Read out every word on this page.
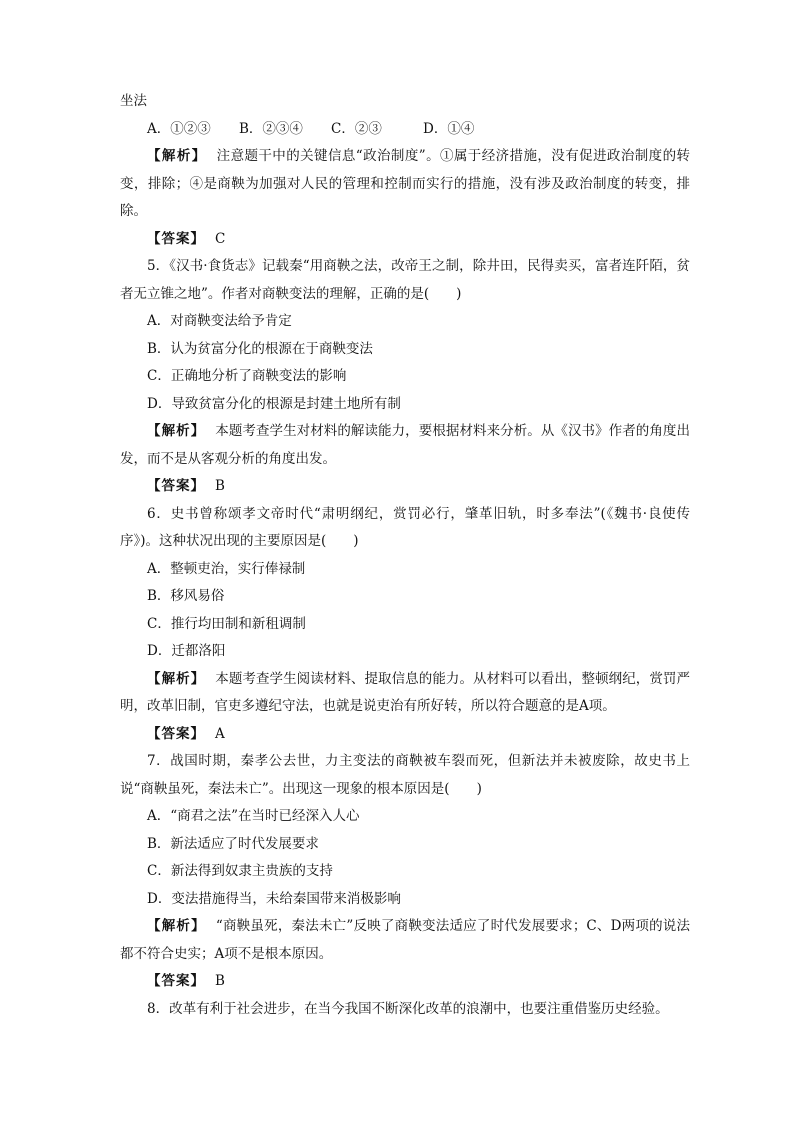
坐法
A．①②③ B．②③④ C．②③	D．①④
【解析】 注意题干中的关键信息“政治制度”。①属于经济措施，没有促进政治制度的转变，排除；④是商鞅为加强对人民的管理和控制而实行的措施，没有涉及政治制度的转变，排除。
【答案】 C
5．《汉书·食货志》记载秦“用商鞅之法，改帝王之制，除井田，民得卖买，富者连阡陌，贫者无立锥之地”。作者对商鞅变法的理解，正确的是(　　)
A．对商鞅变法给予肯定
B．认为贫富分化的根源在于商鞅变法
C．正确地分析了商鞅变法的影响
D．导致贫富分化的根源是封建土地所有制
【解析】 本题考查学生对材料的解读能力，要根据材料来分析。从《汉书》作者的角度出发，而不是从客观分析的角度出发。
【答案】 B
6．史书曾称颂孝文帝时代“肃明纲纪，赏罚必行，肇革旧轨，时多奉法”(《魏书·良使传序》)。这种状况出现的主要原因是(　　)
A．整顿吏治，实行俸禄制
B．移风易俗
C．推行均田制和新租调制
D．迁都洛阳
【解析】 本题考查学生阅读材料、提取信息的能力。从材料可以看出，整顿纲纪，赏罚严明，改革旧制，官吏多遵纪守法，也就是说吏治有所好转，所以符合题意的是A项。
【答案】 A
7．战国时期，秦孝公去世，力主变法的商鞅被车裂而死，但新法并未被废除，故史书上说“商鞅虽死，秦法未亡”。出现这一现象的根本原因是(　　)
A．“商君之法”在当时已经深入人心
B．新法适应了时代发展要求
C．新法得到奴隶主贵族的支持
D．变法措施得当，未给秦国带来消极影响
【解析】 “商鞅虽死，秦法未亡”反映了商鞅变法适应了时代发展要求；C、D两项的说法都不符合史实；A项不是根本原因。
【答案】 B
8．改革有利于社会进步，在当今我国不断深化改革的浪潮中，也要注重借鉴历史经验。
